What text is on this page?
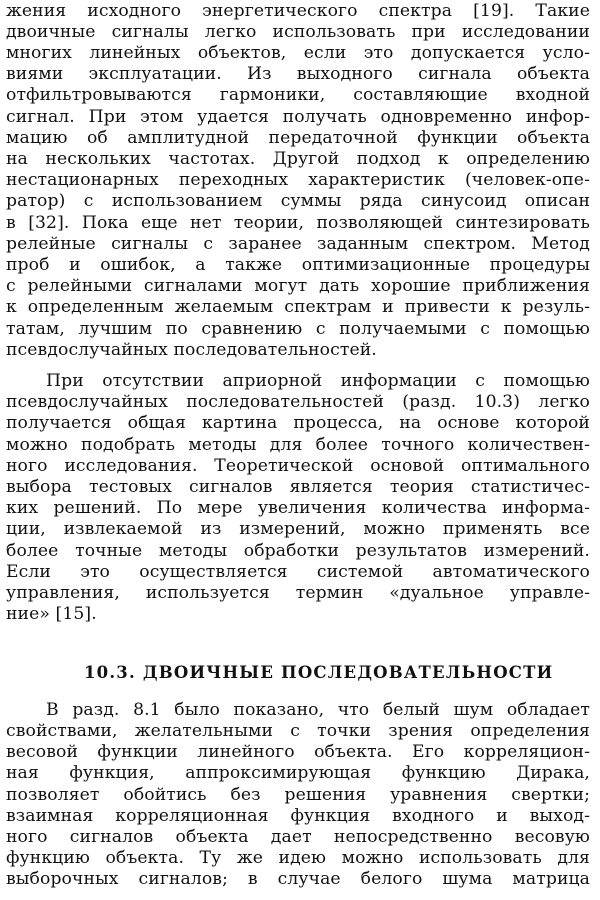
жения исходного энергетического спектра [19]. Такие
двоичные сигналы легко использовать при исследовании
многих линейных объектов, если это допускается усло-
виями эксплуатации. Из выходного сигнала объекта
отфильтровываются гармоники, составляющие входной
сигнал. При этом удается получать одновременно инфор-
мацию об амплитудной передаточной функции объекта
на нескольких частотах. Другой подход к определению
нестационарных переходных характеристик (человек-опе-
ратор) с использованием суммы ряда синусоид описан
в [32]. Пока еще нет теории, позволяющей синтезировать
релейные сигналы с заранее заданным спектром. Метод
проб и ошибок, а также оптимизационные процедуры
с релейными сигналами могут дать хорошие приближения
к определенным желаемым спектрам и привести к резуль-
татам, лучшим по сравнению с получаемыми с помощью
псевдослучайных последовательностей.
При отсутствии априорной информации с помощью
псевдослучайных последовательностей (разд. 10.3) легко
получается общая картина процесса, на основе которой
можно подобрать методы для более точного количествен-
ного исследования. Теоретической основой оптимального
выбора тестовых сигналов является теория статистичес-
ких решений. По мере увеличения количества информа-
ции, извлекаемой из измерений, можно применять все
более точные методы обработки результатов измерений.
Если это осуществляется системой автоматического
управления, используется термин «дуальное управле-
ние» [15].
10.3. ДВОИЧНЫЕ ПОСЛЕДОВАТЕЛЬНОСТИ
В разд. 8.1 было показано, что белый шум обладает
свойствами, желательными с точки зрения определения
весовой функции линейного объекта. Его корреляцион-
ная функция, аппроксимирующая функцию Дирака,
позволяет обойтись без решения уравнения свертки;
взаимная корреляционная функция входного и выход-
ного сигналов объекта дает непосредственно весовую
функцию объекта. Ту же идею можно использовать для
выборочных сигналов; в случае белого шума матрица
